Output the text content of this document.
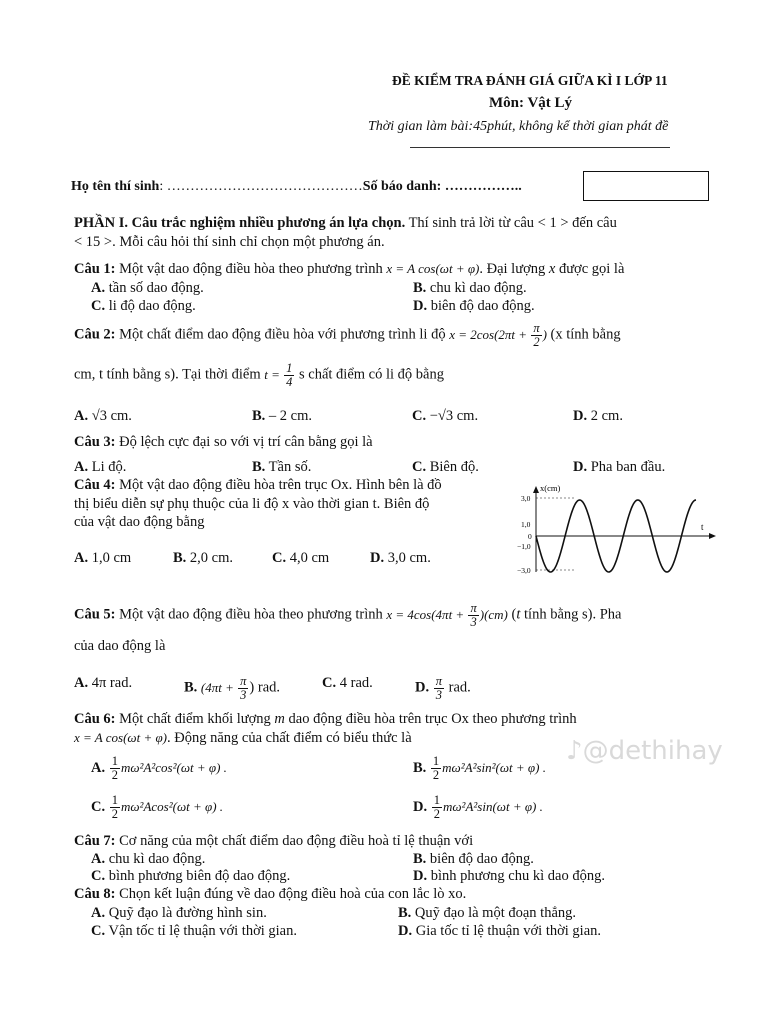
ĐỀ KIỂM TRA ĐÁNH GIÁ GIỮA KÌ I LỚP 11
Môn: Vật Lý
Thời gian làm bài:45phút, không kể thời gian phát đề
Họ tên thí sinh: ……………………………………Số báo danh: ……………..
PHẦN I. Câu trắc nghiệm nhiều phương án lựa chọn. Thí sinh trả lời từ câu < 1 > đến câu
< 15 >. Mỗi câu hỏi thí sinh chỉ chọn một phương án.
Câu 1: Một vật dao động điều hòa theo phương trình x = A cos(ωt + φ). Đại lượng x được gọi là
A. tần số dao động.	B. chu kì dao động.
C. li độ dao động.	D. biên độ dao động.
Câu 2: Một chất điểm dao động điều hòa với phương trình li độ $x = 2\cos(2\pi t + \frac{\pi}{2}$ ) (x tính bằng
cm, t tính bằng s). Tại thời điểm $t = \frac{1}{4}$ s chất điểm có li độ bằng
A. √3 cm.	B. – 2 cm.	C. −√3 cm.	D. 2 cm.
Câu 3: Độ lệch cực đại so với vị trí cân bằng gọi là
A. Li độ.	B. Tần số.	C. Biên độ.	D. Pha ban đầu.
Câu 4: Một vật dao động điều hòa trên trục Ox. Hình bên là đồ
thị biểu diễn sự phụ thuộc của li độ x vào thời gian t. Biên độ
của vật dao động bằng
A. 1,0 cm	B. 2,0 cm.	C. 4,0 cm	D. 3,0 cm.
x(cm)
t
3,0
1,0
0
−1,0
−3,0
Câu 5: Một vật dao động điều hòa theo phương trình $x = 4\cos(4\pi t + \frac{\pi}{3} )(cm)$ (t tính bằng s). Pha
của dao động là
A. 4π rad.	B. ($4\pi t + \frac{\pi}{3}$ ) rad.	C. 4 rad.	D. $\frac{\pi}{3}$ rad.
Câu 6: Một chất điểm khối lượng m dao động điều hòa trên trục Ox theo phương trình
x = A cos(ωt + φ). Động năng của chất điểm có biểu thức là
A. $\frac{1}{2} m\omega^2A^2\cos^2(\omega t + \varphi)$ .	B. $\frac{1}{2} m\omega^2A^2\sin^2(\omega t + \varphi)$ .
C. $\frac{1}{2} m\omega^2Acos^2(\omega t + \varphi)$ .	D. $\frac{1}{2} m\omega^2A^2\sin(\omega t + \varphi)$ .
♪@dethihay
Câu 7: Cơ năng của một chất điểm dao động điều hoà tỉ lệ thuận với
A. chu kì dao động.	B. biên độ dao động.
C. bình phương biên độ dao động.	D. bình phương chu kì dao động.
Câu 8: Chọn kết luận đúng về dao động điều hoà của con lắc lò xo.
A. Quỹ đạo là đường hình sin.	B. Quỹ đạo là một đoạn thẳng.
C. Vận tốc tỉ lệ thuận với thời gian.	D. Gia tốc tỉ lệ thuận với thời gian.
